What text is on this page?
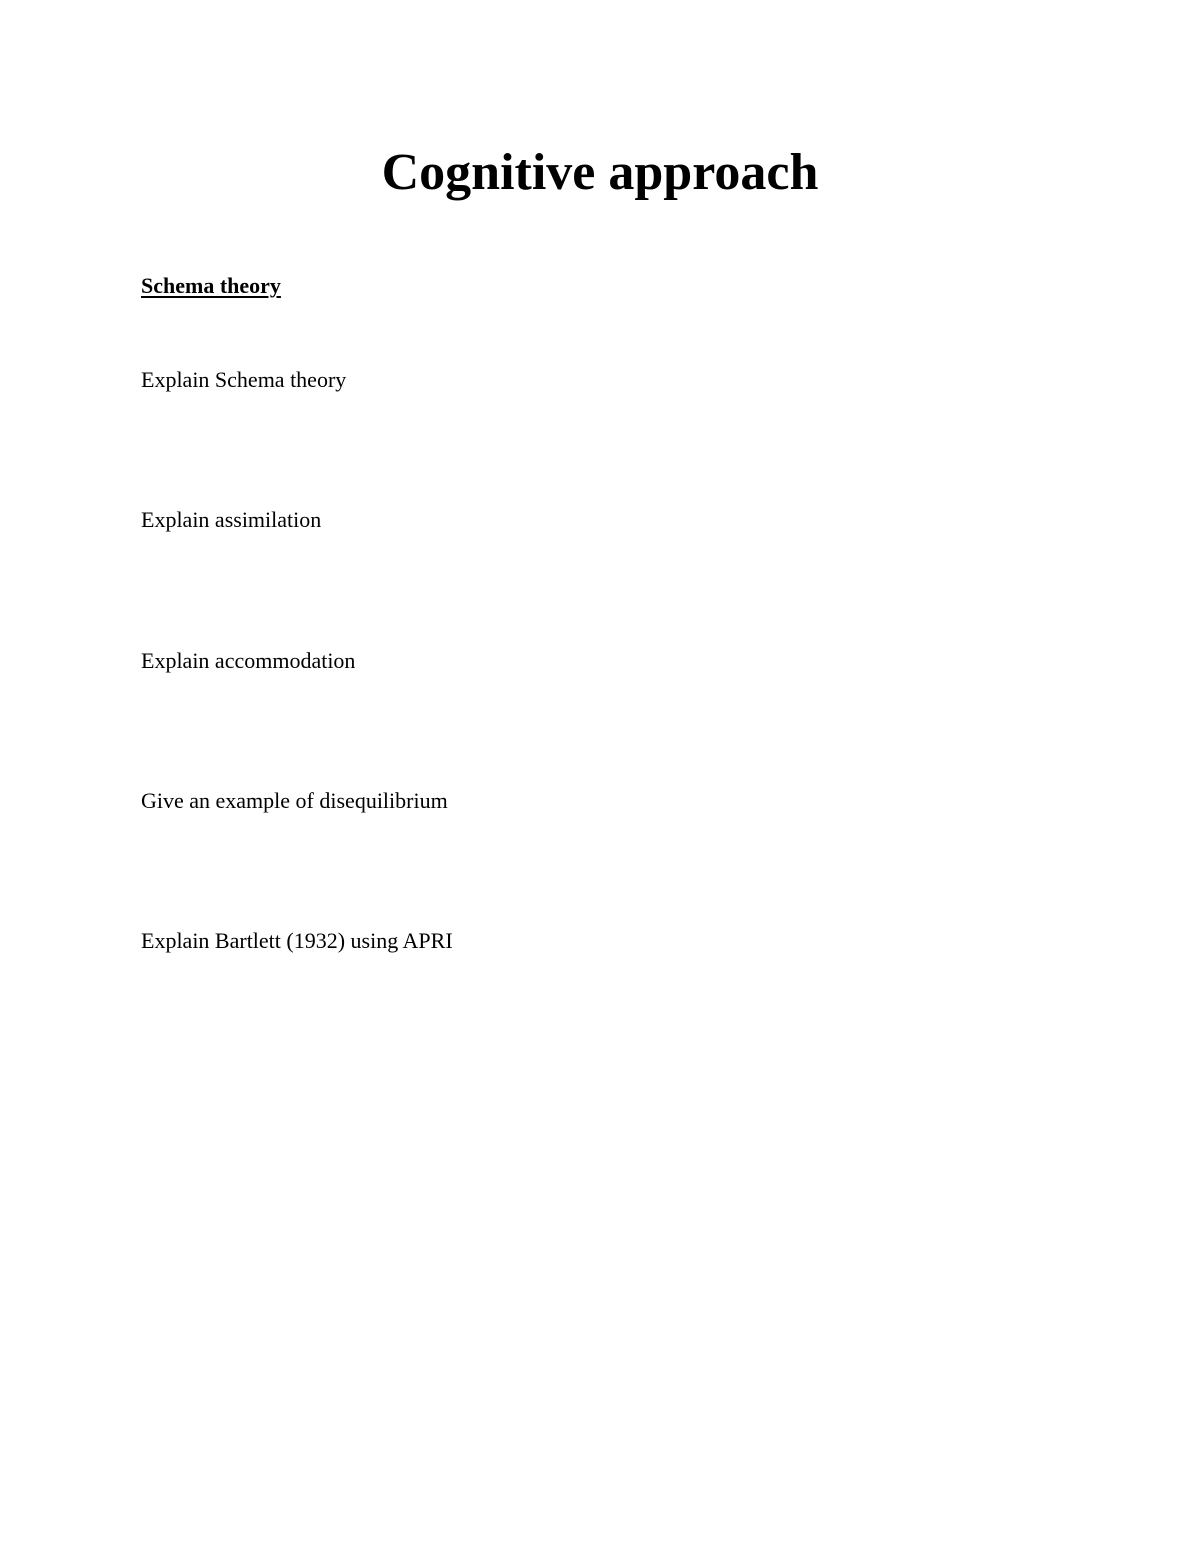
Cognitive approach
Schema theory

Explain Schema theory

Explain assimilation

Explain accommodation

Give an example of disequilibrium

Explain Bartlett (1932) using APRI
